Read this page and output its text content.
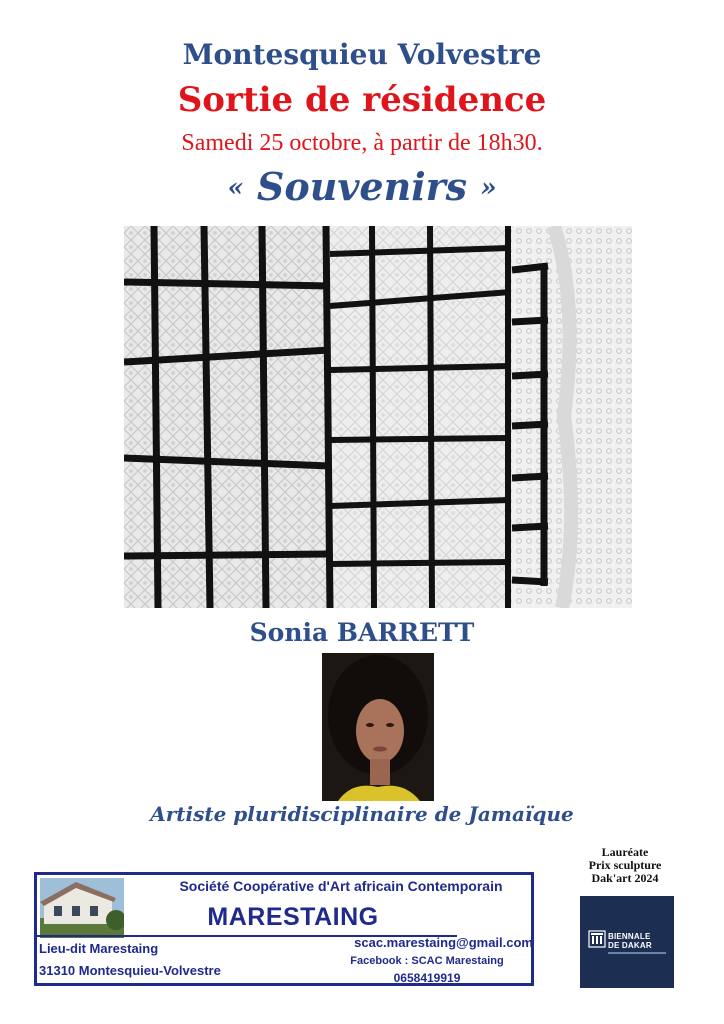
Montesquieu Volvestre
Sortie de résidence
Samedi 25 octobre, à partir de 18h30.
« Souvenirs »
Sonia BARRETT
Artiste pluridisciplinaire de Jamaïque
Lauréate
Prix sculpture
Dak'art 2024
BIENNALE
DE DAKAR
Société Coopérative d'Art africain Contemporain
MARESTAING
Lieu-dit Marestaing
31310 Montesquieu-Volvestre
scac.marestaing@gmail.com
Facebook : SCAC Marestaing
0658419919
